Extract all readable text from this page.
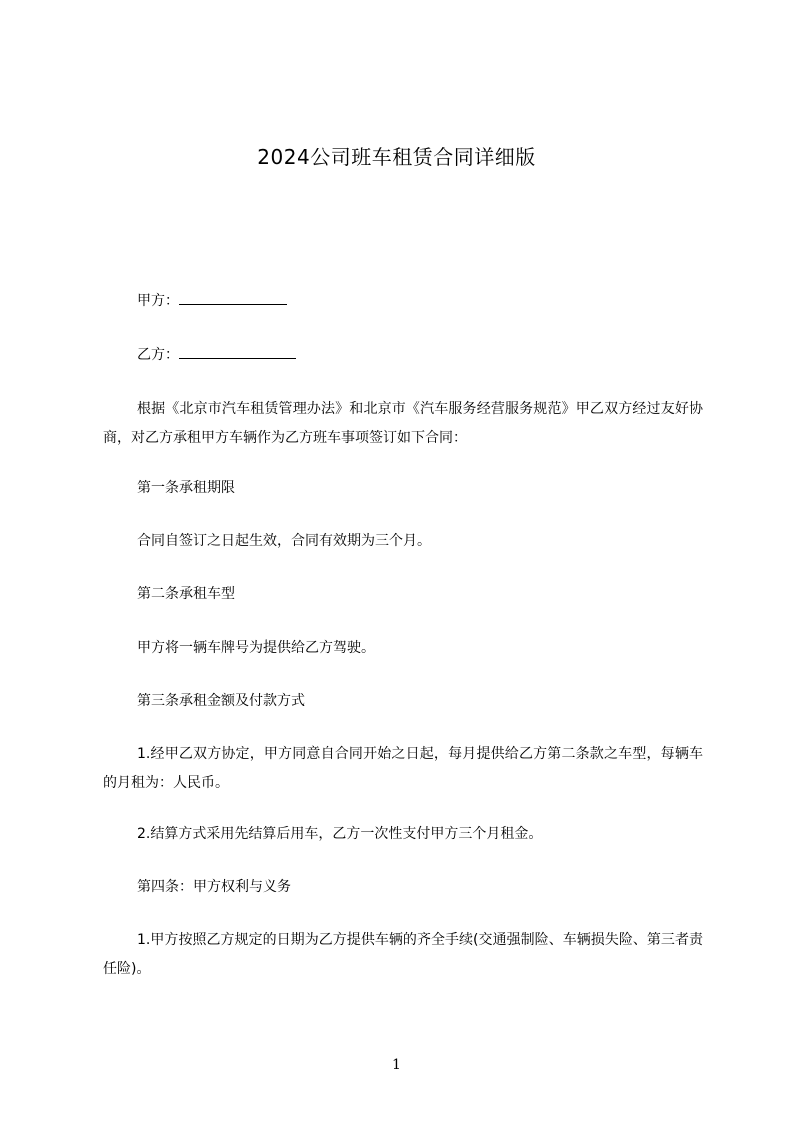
2024公司班车租赁合同详细版
甲方：
乙方：
根据《北京市汽车租赁管理办法》和北京市《汽车服务经营服务规范》甲乙双方经过友好协商，对乙方承租甲方车辆作为乙方班车事项签订如下合同：
第一条承租期限
合同自签订之日起生效，合同有效期为三个月。
第二条承租车型
甲方将一辆车牌号为提供给乙方驾驶。
第三条承租金额及付款方式
1.经甲乙双方协定，甲方同意自合同开始之日起，每月提供给乙方第二条款之车型，每辆车的月租为：人民币。
2.结算方式采用先结算后用车，乙方一次性支付甲方三个月租金。
第四条：甲方权利与义务
1.甲方按照乙方规定的日期为乙方提供车辆的齐全手续(交通强制险、车辆损失险、第三者责任险)。
1
